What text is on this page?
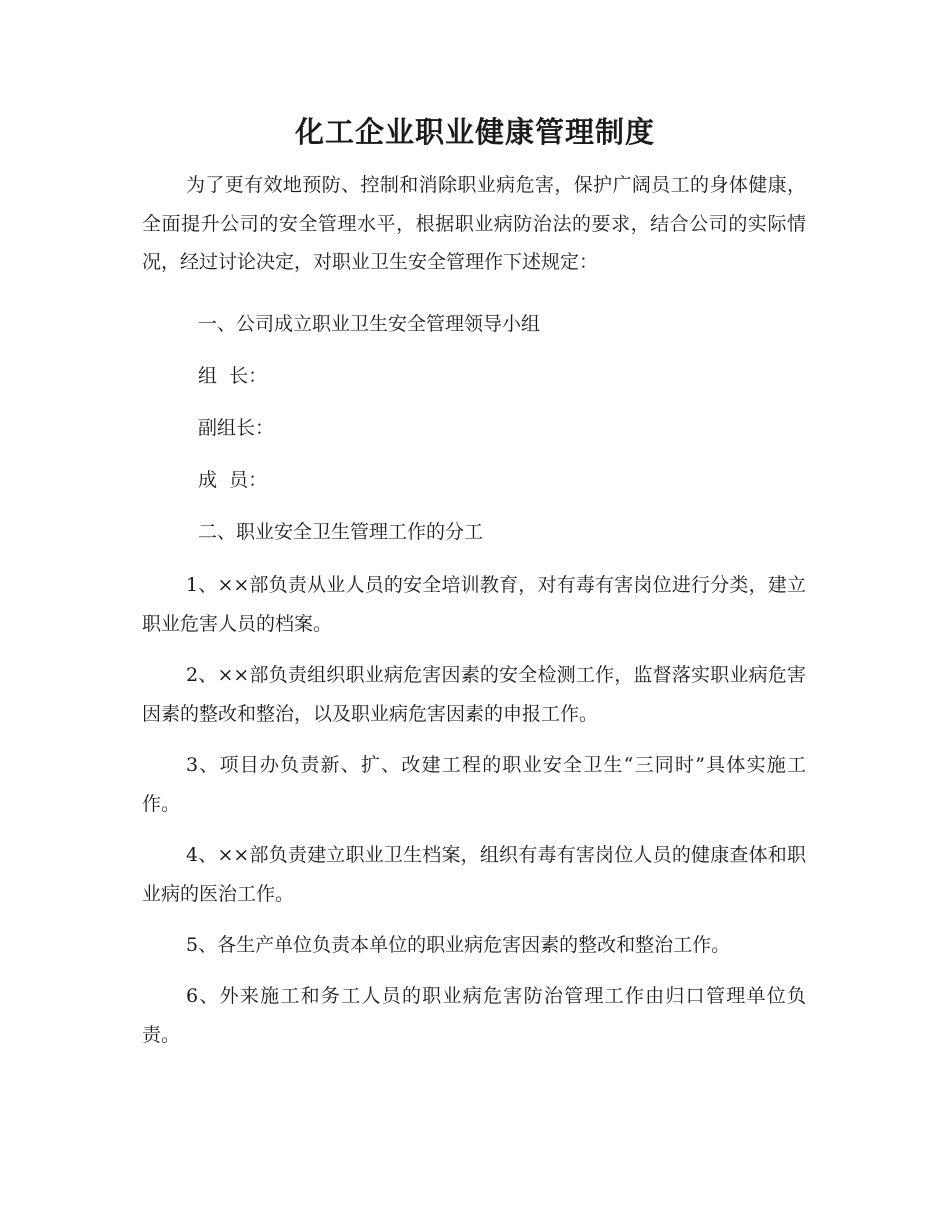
化工企业职业健康管理制度

为了更有效地预防、控制和消除职业病危害，保护广阔员工的身体健康，全面提升公司的安全管理水平，根据职业病防治法的要求，结合公司的实际情况，经过讨论决定，对职业卫生安全管理作下述规定：

一、公司成立职业卫生安全管理领导小组

组  长：

副组长：

成  员：

二、职业安全卫生管理工作的分工

1、××部负责从业人员的安全培训教育，对有毒有害岗位进行分类，建立职业危害人员的档案。

2、××部负责组织职业病危害因素的安全检测工作，监督落实职业病危害因素的整改和整治，以及职业病危害因素的申报工作。

3、项目办负责新、扩、改建工程的职业安全卫生“三同时”具体实施工作。

4、××部负责建立职业卫生档案，组织有毒有害岗位人员的健康查体和职业病的医治工作。

5、各生产单位负责本单位的职业病危害因素的整改和整治工作。

6、外来施工和务工人员的职业病危害防治管理工作由归口管理单位负责。
